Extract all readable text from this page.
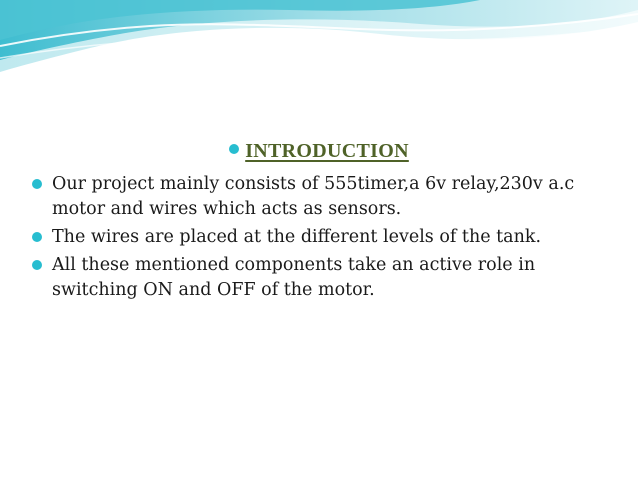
INTRODUCTION
Our project mainly consists of 555timer,a 6v relay,230v a.c motor and wires which acts as sensors.
The wires are placed at the different levels of the tank.
All these mentioned components take an active role in switching ON and OFF of the motor.
